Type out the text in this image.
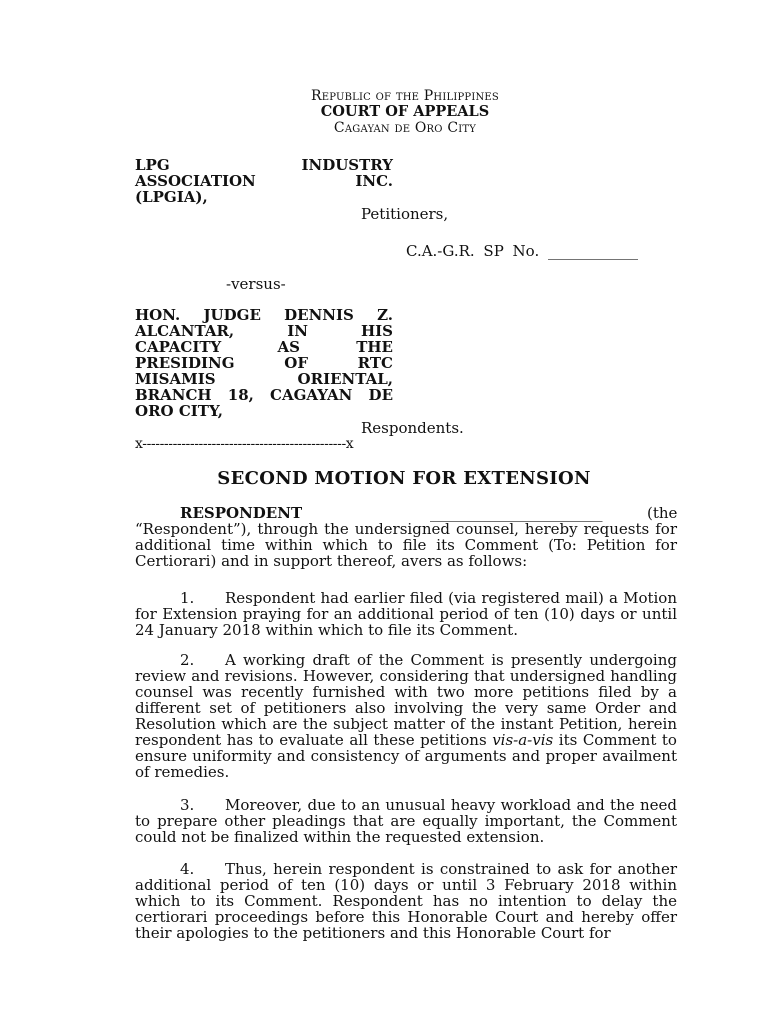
Republic of the Philippines
COURT OF APPEALS
Cagayan de Oro City
LPG INDUSTRY
ASSOCIATION INC.
(LPGIA),
Petitioners,
C.A.-G.R. SP No. ____________
-versus-
HON. JUDGE DENNIS Z.
ALCANTAR, IN HIS
CAPACITY AS THE
PRESIDING OF RTC
MISAMIS ORIENTAL,
BRANCH 18, CAGAYAN DE
ORO CITY,
Respondents.
x-----------------------------------------------x
SECOND MOTION FOR EXTENSION
RESPONDENT	_______________________	(the
“Respondent”), through the undersigned counsel, hereby requests for additional time within which to file its Comment (To: Petition for Certiorari) and in support thereof, avers as follows:
1. Respondent had earlier filed (via registered mail) a Motion for Extension praying for an additional period of ten (10) days or until 24 January 2018 within which to file its Comment.
2. A working draft of the Comment is presently undergoing review and revisions. However, considering that undersigned handling counsel was recently furnished with two more petitions filed by a different set of petitioners also involving the very same Order and Resolution which are the subject matter of the instant Petition, herein respondent has to evaluate all these petitions vis-a-vis its Comment to ensure uniformity and consistency of arguments and proper availment of remedies.
3. Moreover, due to an unusual heavy workload and the need to prepare other pleadings that are equally important, the Comment could not be finalized within the requested extension.
4. Thus, herein respondent is constrained to ask for another additional period of ten (10) days or until 3 February 2018 within which to its Comment. Respondent has no intention to delay the certiorari proceedings before this Honorable Court and hereby offer their apologies to the petitioners and this Honorable Court for
